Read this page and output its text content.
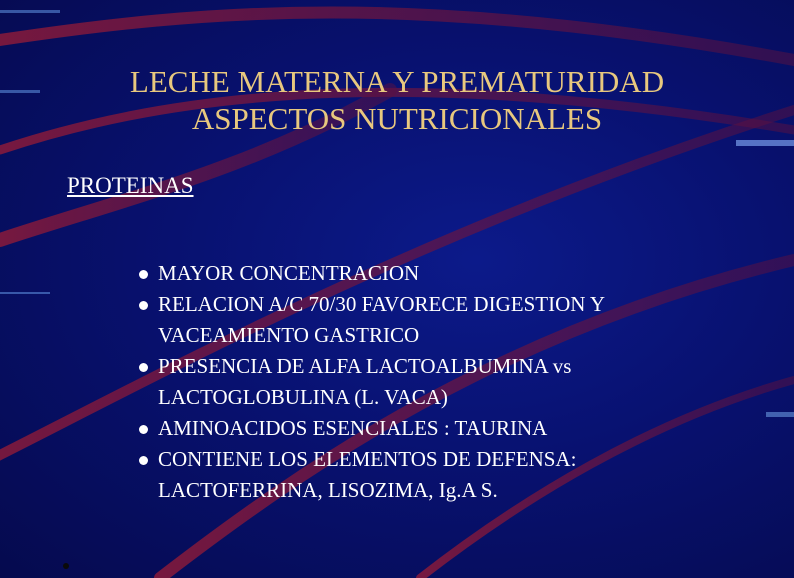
LECHE MATERNA Y PREMATURIDAD
ASPECTOS NUTRICIONALES
PROTEINAS
MAYOR CONCENTRACION
RELACION A/C 70/30 FAVORECE DIGESTION Y
VACEAMIENTO GASTRICO
PRESENCIA DE ALFA LACTOALBUMINA vs
LACTOGLOBULINA (L. VACA)
AMINOACIDOS ESENCIALES : TAURINA
CONTIENE LOS ELEMENTOS DE DEFENSA:
LACTOFERRINA, LISOZIMA, Ig.A S.
